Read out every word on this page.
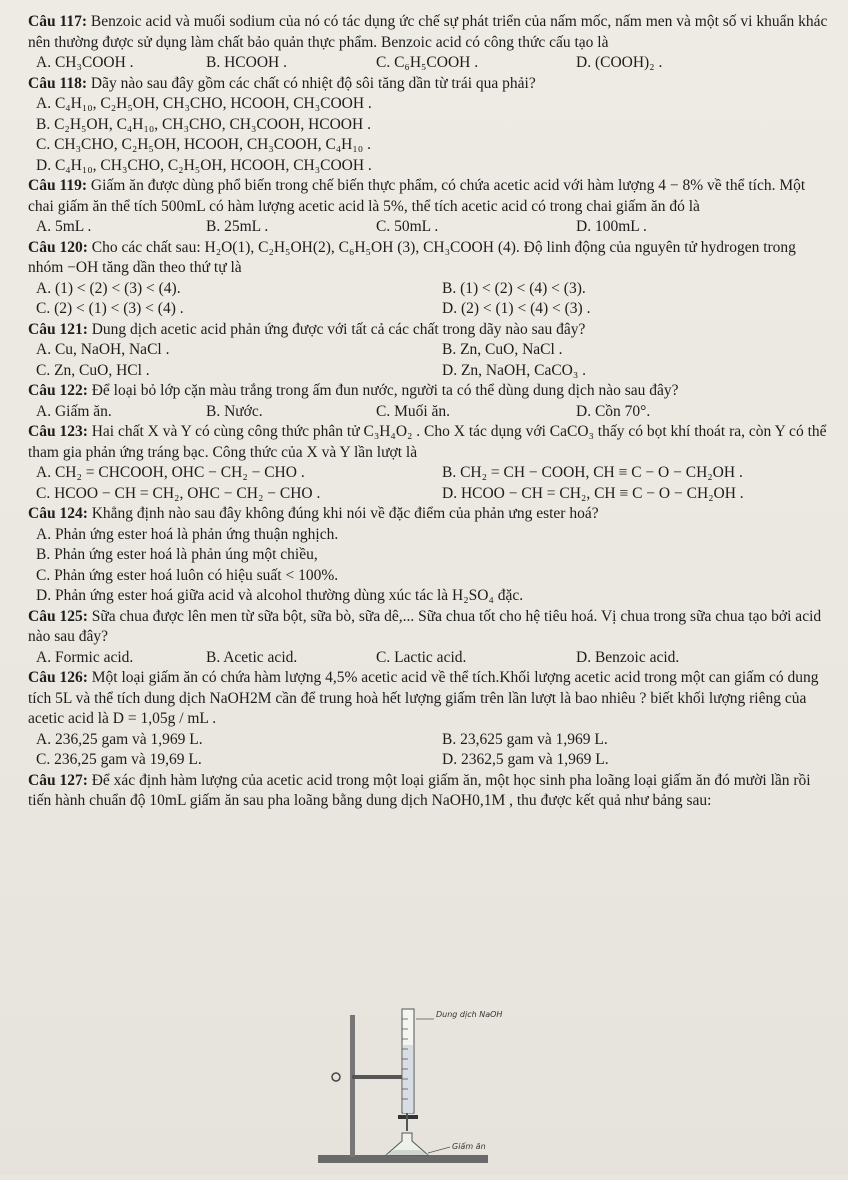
Câu 117: Benzoic acid và muối sodium của nó có tác dụng ức chế sự phát triển của nấm mốc, nấm men và một số vi khuẩn khác nên thường được sử dụng làm chất bảo quản thực phẩm. Benzoic acid có công thức cấu tạo là

A. CH₃COOH .	B. HCOOH .	C. C₆H₅COOH .	D. (COOH)₂ .

Câu 118: Dãy nào sau đây gồm các chất có nhiệt độ sôi tăng dần từ trái qua phải?

A. C₄H₁₀, C₂H₅OH, CH₃CHO, HCOOH, CH₃COOH .
B. C₂H₅OH, C₄H₁₀, CH₃CHO, CH₃COOH, HCOOH .
C. CH₃CHO, C₂H₅OH, HCOOH, CH₃COOH, C₄H₁₀ .
D. C₄H₁₀, CH₃CHO, C₂H₅OH, HCOOH, CH₃COOH .

Câu 119: Giấm ăn được dùng phổ biến trong chế biến thực phẩm, có chứa acetic acid với hàm lượng 4 − 8% về thể tích. Một chai giấm ăn thể tích 500mL có hàm lượng acetic acid là 5%, thể tích acetic acid có trong chai giấm ăn đó là

A. 5mL .	B. 25mL .	C. 50mL .	D. 100mL .

Câu 120: Cho các chất sau: H₂O(1), C₂H₅OH(2), C₆H₅OH (3), CH₃COOH (4). Độ linh động của nguyên tử hydrogen trong nhóm −OH tăng dần theo thứ tự là

A. (1) < (2) < (3) < (4).	B. (1) < (2) < (4) < (3).
C. (2) < (1) < (3) < (4) .	D. (2) < (1) < (4) < (3) .

Câu 121: Dung dịch acetic acid phản ứng được với tất cả các chất trong dãy nào sau đây?

A. Cu, NaOH, NaCl .	B. Zn, CuO, NaCl .
C. Zn, CuO, HCl .	D. Zn, NaOH, CaCO₃ .

Câu 122: Để loại bỏ lớp cặn màu trắng trong ấm đun nước, người ta có thể dùng dung dịch nào sau đây?

A. Giấm ăn.	B. Nước.	C. Muối ăn.	D. Cồn 70°.

Câu 123: Hai chất X và Y có cùng công thức phân tử C₃H₄O₂ . Cho X tác dụng với CaCO₃ thấy có bọt khí thoát ra, còn Y có thể tham gia phản ứng tráng bạc. Công thức của X và Y lần lượt là

A. CH₂ = CHCOOH, OHC − CH₂ − CHO .	B. CH₂ = CH − COOH, CH ≡ C − O − CH₂OH .
C. HCOO − CH = CH₂, OHC − CH₂ − CHO .	D. HCOO − CH = CH₂, CH ≡ C − O − CH₂OH .

Câu 124: Khẳng định nào sau đây không đúng khi nói về đặc điểm của phản ưng ester hoá?

A. Phản ứng ester hoá là phản ứng thuận nghịch.
B. Phản ứng ester hoá là phản úng một chiều,
C. Phản ứng ester hoá luôn có hiệu suất < 100%.
D. Phản ứng ester hoá giữa acid và alcohol thường dùng xúc tác là H₂SO₄ đặc.

Câu 125: Sữa chua được lên men từ sữa bột, sữa bò, sữa dê,... Sữa chua tốt cho hệ tiêu hoá. Vị chua trong sữa chua tạo bởi acid nào sau đây?

A. Formic acid.	B. Acetic acid.	C. Lactic acid.	D. Benzoic acid.

Câu 126: Một loại giấm ăn có chứa hàm lượng 4,5% acetic acid về thể tích.Khối lượng acetic acid trong một can giấm có dung tích 5L và thể tích dung dịch NaOH2M cần để trung hoà hết lượng giấm trên lần lượt là bao nhiêu ? biết khối lượng riêng của acetic acid là D = 1,05g / mL .

A. 236,25 gam và 1,969 L.	B. 23,625 gam và 1,969 L.
C. 236,25 gam và 19,69 L.	D. 2362,5 gam và 1,969 L.

Câu 127: Để xác định hàm lượng của acetic acid trong một loại giấm ăn, một học sinh pha loãng loại giấm ăn đó mười lần rồi tiến hành chuẩn độ 10mL giấm ăn sau pha loãng bằng dung dịch NaOH0,1M , thu được kết quả như bảng sau:

Dung dịch NaOH
Giấm ăn
